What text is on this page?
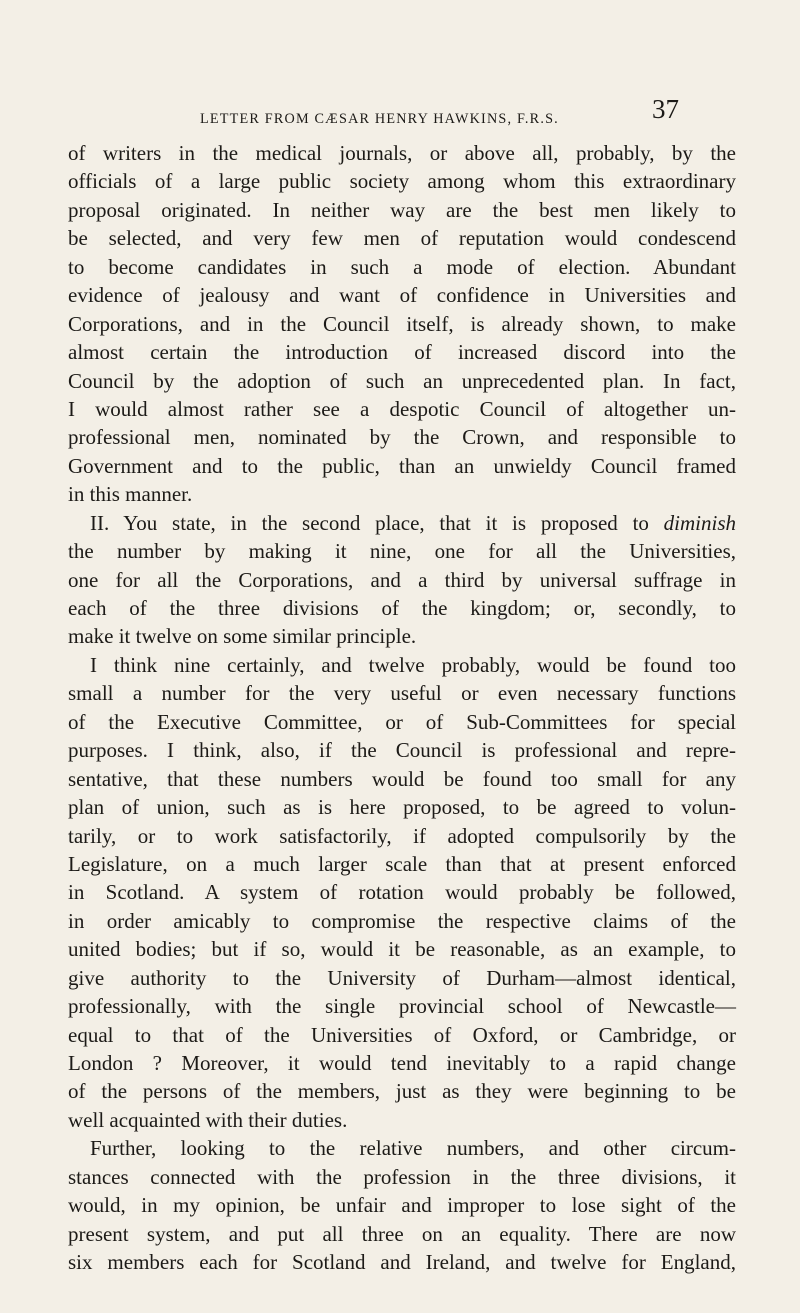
LETTER FROM CÆSAR HENRY HAWKINS, F.R.S.	37
of writers in the medical journals, or above all, probably, by the
officials of a large public society among whom this extraordinary
proposal originated. In neither way are the best men likely to
be selected, and very few men of reputation would condescend
to become candidates in such a mode of election. Abundant
evidence of jealousy and want of confidence in Universities and
Corporations, and in the Council itself, is already shown, to make
almost certain the introduction of increased discord into the
Council by the adoption of such an unprecedented plan. In fact,
I would almost rather see a despotic Council of altogether un-
professional men, nominated by the Crown, and responsible to
Government and to the public, than an unwieldy Council framed
in this manner.
II. You state, in the second place, that it is proposed to diminish
the number by making it nine, one for all the Universities,
one for all the Corporations, and a third by universal suffrage in
each of the three divisions of the kingdom; or, secondly, to
make it twelve on some similar principle.
I think nine certainly, and twelve probably, would be found too
small a number for the very useful or even necessary functions
of the Executive Committee, or of Sub-Committees for special
purposes. I think, also, if the Council is professional and repre-
sentative, that these numbers would be found too small for any
plan of union, such as is here proposed, to be agreed to volun-
tarily, or to work satisfactorily, if adopted compulsorily by the
Legislature, on a much larger scale than that at present enforced
in Scotland. A system of rotation would probably be followed,
in order amicably to compromise the respective claims of the
united bodies; but if so, would it be reasonable, as an example, to
give authority to the University of Durham—almost identical,
professionally, with the single provincial school of Newcastle—
equal to that of the Universities of Oxford, or Cambridge, or
London ? Moreover, it would tend inevitably to a rapid change
of the persons of the members, just as they were beginning to be
well acquainted with their duties.
Further, looking to the relative numbers, and other circum-
stances connected with the profession in the three divisions, it
would, in my opinion, be unfair and improper to lose sight of the
present system, and put all three on an equality. There are now
six members each for Scotland and Ireland, and twelve for England,
